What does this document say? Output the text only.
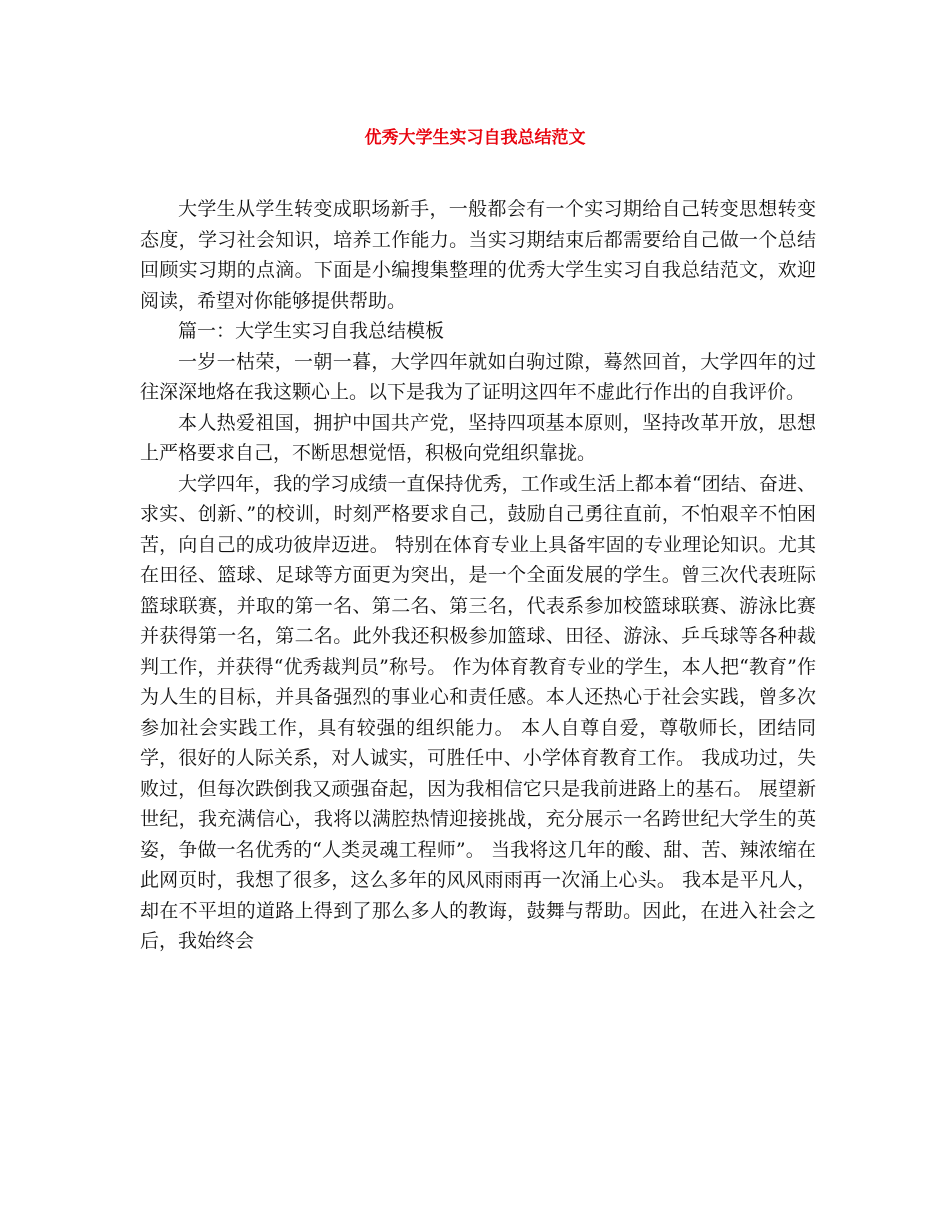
优秀大学生实习自我总结范文

大学生从学生转变成职场新手，一般都会有一个实习期给自己转变思想转变态度，学习社会知识，培养工作能力。当实习期结束后都需要给自己做一个总结回顾实习期的点滴。下面是小编搜集整理的优秀大学生实习自我总结范文，欢迎阅读，希望对你能够提供帮助。

篇一：大学生实习自我总结模板

一岁一枯荣，一朝一暮，大学四年就如白驹过隙，蓦然回首，大学四年的过往深深地烙在我这颗心上。以下是我为了证明这四年不虚此行作出的自我评价。

本人热爱祖国，拥护中国共产党，坚持四项基本原则，坚持改革开放，思想上严格要求自己，不断思想觉悟，积极向党组织靠拢。

大学四年，我的学习成绩一直保持优秀，工作或生活上都本着“团结、奋进、求实、创新、”的校训，时刻严格要求自己，鼓励自己勇往直前，不怕艰辛不怕困苦，向自己的成功彼岸迈进。 特别在体育专业上具备牢固的专业理论知识。尤其在田径、篮球、足球等方面更为突出，是一个全面发展的学生。曾三次代表班际篮球联赛，并取的第一名、第二名、第三名，代表系参加校篮球联赛、游泳比赛并获得第一名，第二名。此外我还积极参加篮球、田径、游泳、乒乓球等各种裁判工作，并获得“优秀裁判员”称号。 作为体育教育专业的学生，本人把“教育”作为人生的目标，并具备强烈的事业心和责任感。本人还热心于社会实践，曾多次参加社会实践工作，具有较强的组织能力。 本人自尊自爱，尊敬师长，团结同学，很好的人际关系，对人诚实，可胜任中、小学体育教育工作。 我成功过，失败过，但每次跌倒我又顽强奋起，因为我相信它只是我前进路上的基石。 展望新世纪，我充满信心，我将以满腔热情迎接挑战，充分展示一名跨世纪大学生的英姿，争做一名优秀的“人类灵魂工程师”。 当我将这几年的酸、甜、苦、辣浓缩在此网页时，我想了很多，这么多年的风风雨雨再一次涌上心头。 我本是平凡人，却在不平坦的道路上得到了那么多人的教诲，鼓舞与帮助。因此，在进入社会之后，我始终会
